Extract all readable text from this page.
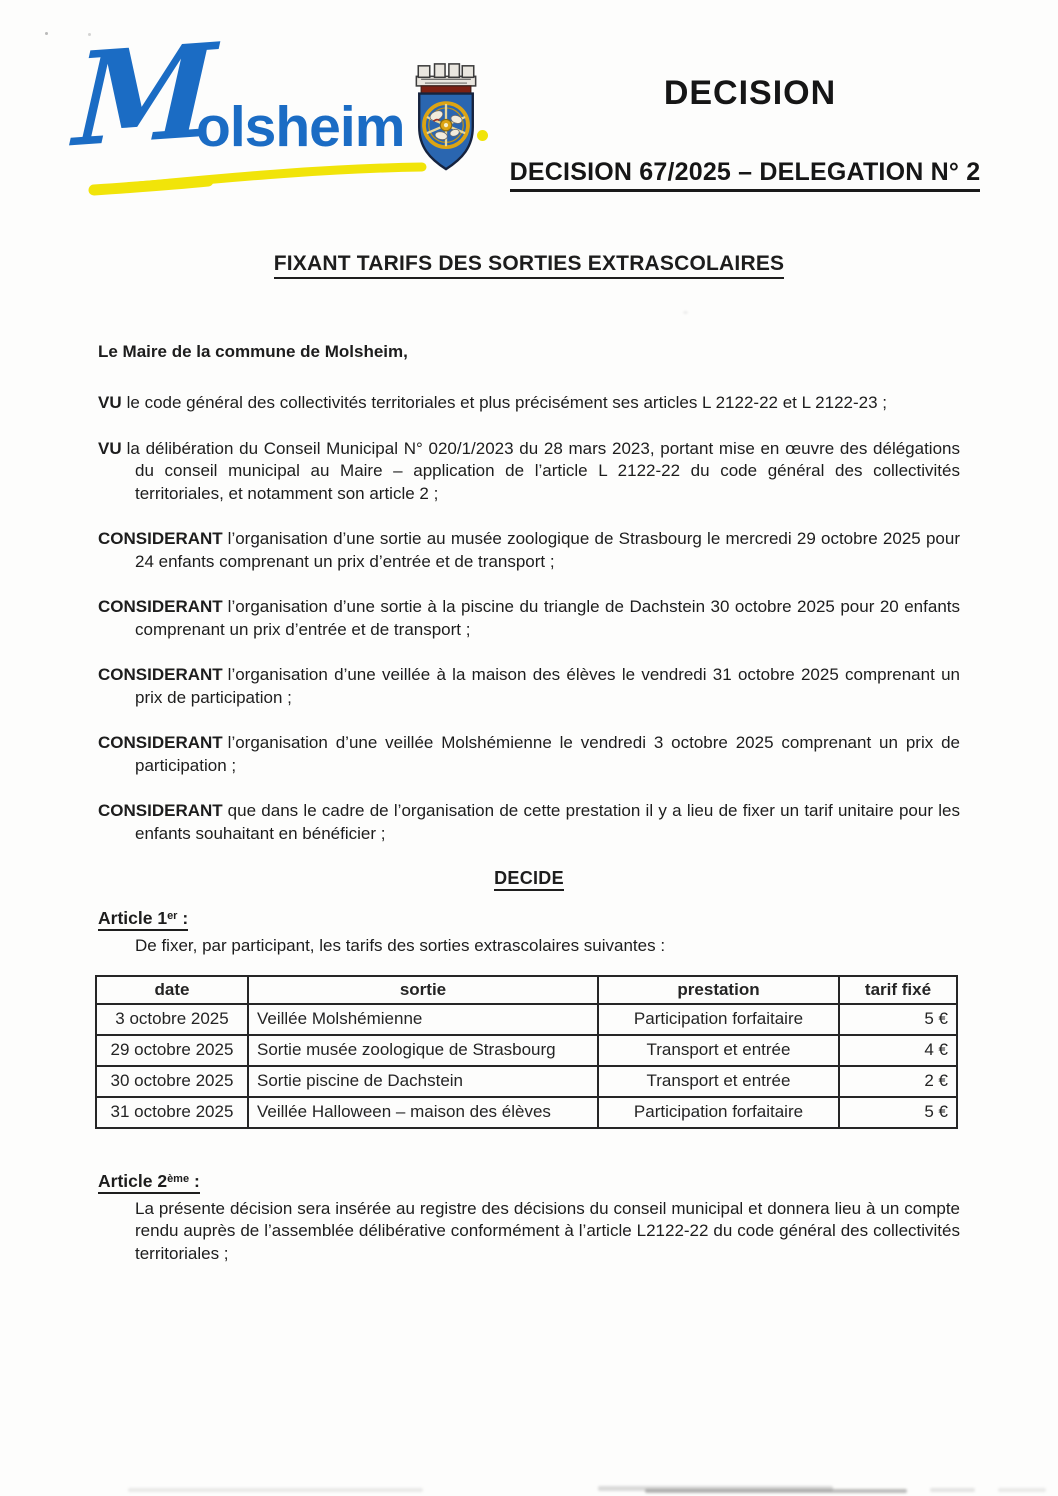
M
olsheim
DECISION
DECISION 67/2025 – DELEGATION N° 2
FIXANT TARIFS DES SORTIES EXTRASCOLAIRES

Le Maire de la commune de Molsheim,

VU le code général des collectivités territoriales et plus précisément ses articles L 2122-22 et L 2122-23 ;

VU la délibération du Conseil Municipal N° 020/1/2023 du 28 mars 2023, portant mise en œuvre des délégations du conseil municipal au Maire – application de l’article L 2122-22 du code général des collectivités territoriales, et notamment son article 2 ;

CONSIDERANT l’organisation d’une sortie au musée zoologique de Strasbourg le mercredi 29 octobre 2025 pour 24 enfants comprenant un prix d’entrée et de transport ;

CONSIDERANT l’organisation d’une sortie à la piscine du triangle de Dachstein 30 octobre 2025 pour 20 enfants comprenant un prix d’entrée et de transport ;

CONSIDERANT l’organisation d’une veillée à la maison des élèves le vendredi 31 octobre 2025 comprenant un prix de participation ;

CONSIDERANT l’organisation d’une veillée Molshémienne le vendredi 3 octobre 2025 comprenant un prix de participation ;

CONSIDERANT que dans le cadre de l’organisation de cette prestation il y a lieu de fixer un tarif unitaire pour les enfants souhaitant en bénéficier ;

DECIDE
Article 1er :

De fixer, par participant, les tarifs des sorties extrascolaires suivantes :

date	sortie	prestation	tarif fixé
3 octobre 2025	Veillée Molshémienne	Participation forfaitaire	5 €
29 octobre 2025	Sortie musée zoologique de Strasbourg	Transport et entrée	4 €
30 octobre 2025	Sortie piscine de Dachstein	Transport et entrée	2 €
31 octobre 2025	Veillée Halloween – maison des élèves	Participation forfaitaire	5 €
Article 2ème :

La présente décision sera insérée au registre des décisions du conseil municipal et donnera lieu à un compte rendu auprès de l’assemblée délibérative conformément à l’article L2122-22 du code général des collectivités territoriales ;
